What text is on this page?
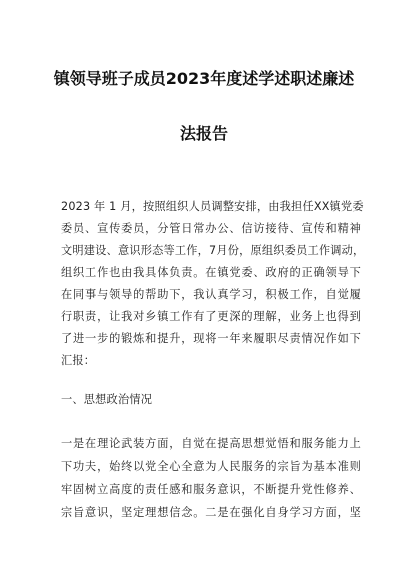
镇领导班子成员2023年度述学述职述廉述
法报告
2023 年 1 月，按照组织人员调整安排，由我担任XX镇党委
委员、宣传委员，分管日常办公、信访接待、宣传和精神
文明建设、意识形态等工作，7月份，原组织委员工作调动，
组织工作也由我具体负责。在镇党委、政府的正确领导下
在同事与领导的帮助下，我认真学习，积极工作，自觉履
行职责，让我对乡镇工作有了更深的理解，业务上也得到
了进一步的锻炼和提升，现将一年来履职尽责情况作如下
汇报：
一、思想政治情况
一是在理论武装方面，自觉在提高思想觉悟和服务能力上
下功夫，始终以党全心全意为人民服务的宗旨为基本准则
牢固树立高度的责任感和服务意识，不断提升党性修养、
宗旨意识，坚定理想信念。二是在强化自身学习方面，坚
